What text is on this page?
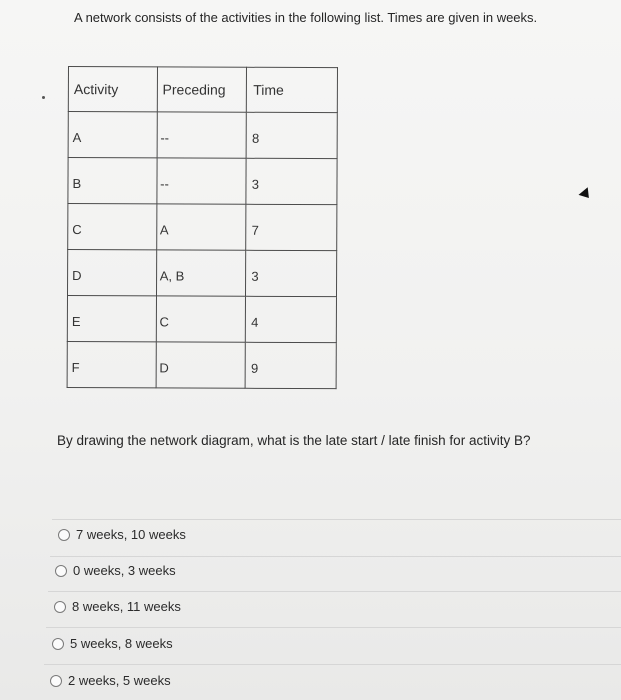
A network consists of the activities in the following list. Times are given in weeks.
Activity	Preceding	Time

A	--	8

B	--	3

C	A	7

D	A, B	3

E	C	4

F	D	9
By drawing the network diagram, what is the late start / late finish for activity B?
7 weeks, 10 weeks
0 weeks, 3 weeks
8 weeks, 11 weeks
5 weeks, 8 weeks
2 weeks, 5 weeks
